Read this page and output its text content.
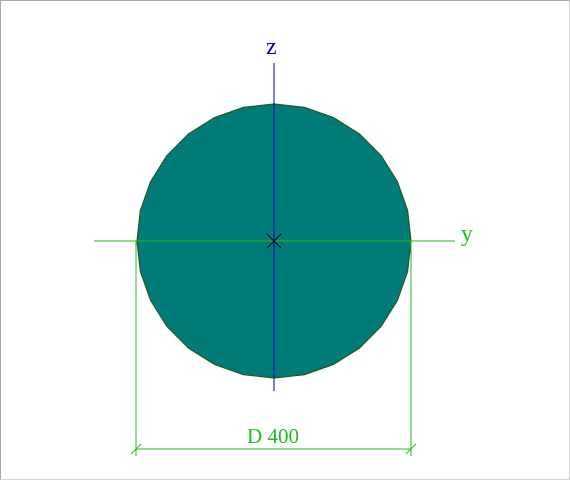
z
y
D 400
